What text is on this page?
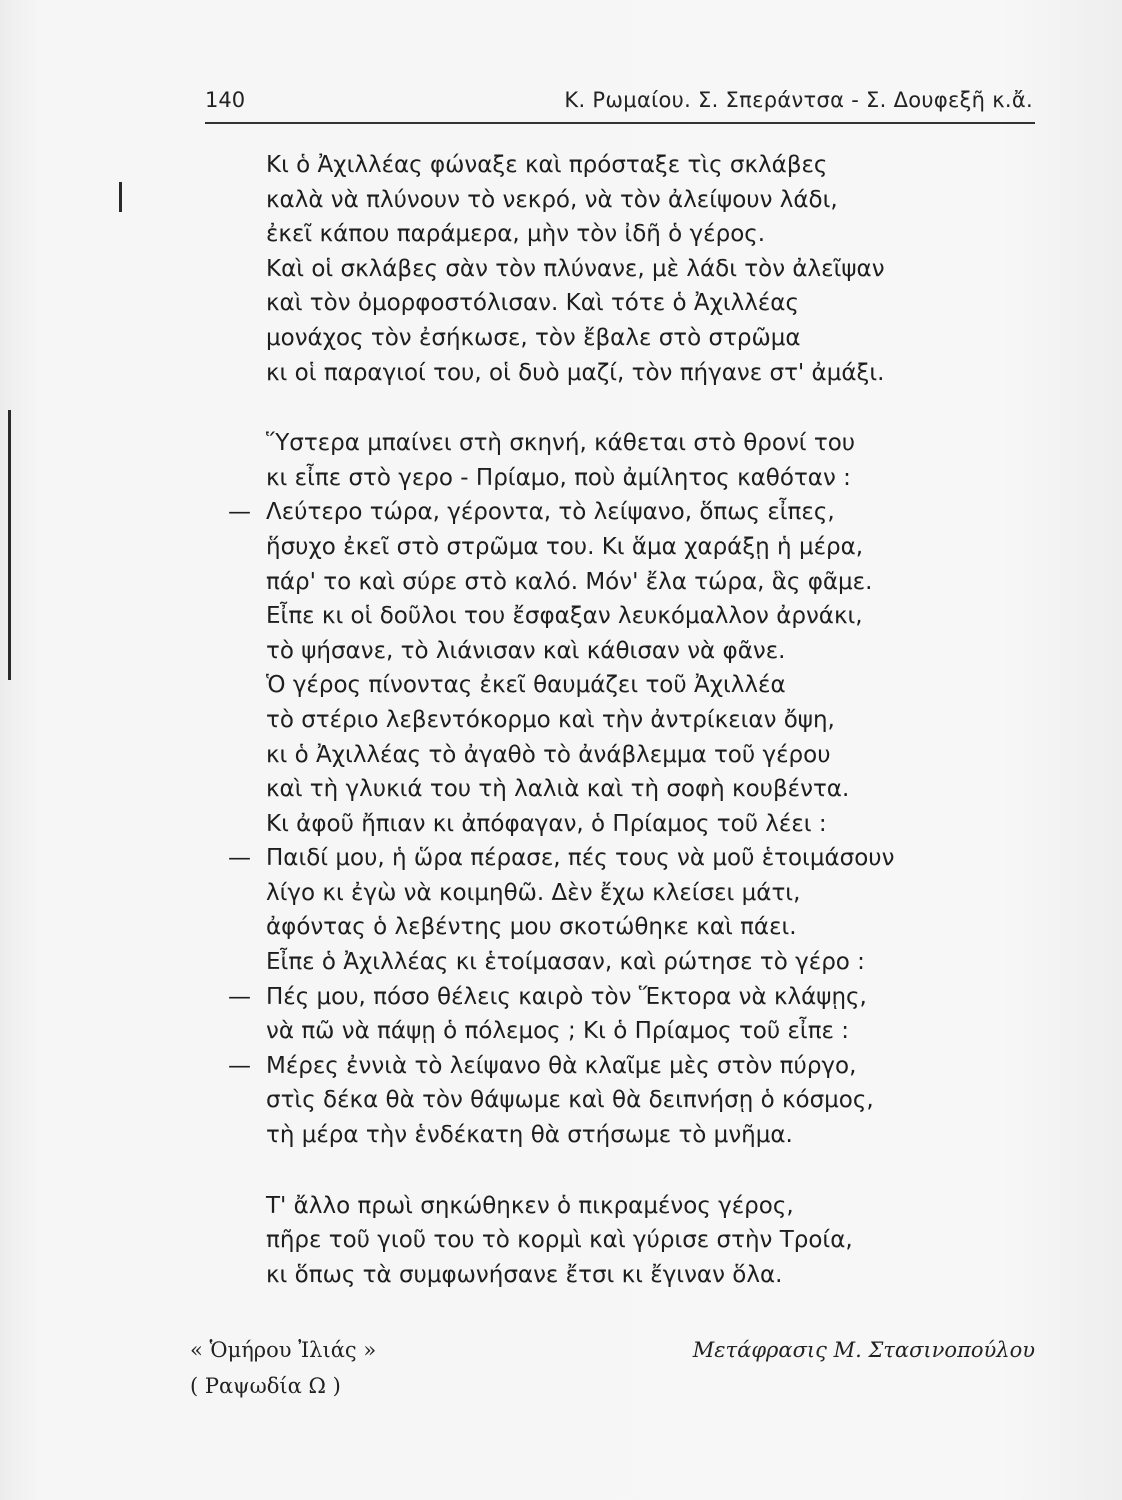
140	Κ. Ρωμαίου. Σ. Σπεράντσα - Σ. Δουφεξῆ κ.ἄ.
Κι ὁ Ἀχιλλέας φώναξε καὶ πρόσταξε τὶς σκλάβες
καλὰ νὰ πλύνουν τὸ νεκρό, νὰ τὸν ἀλείψουν λάδι,
ἐκεῖ κάπου παράμερα, μὴν τὸν ἰδῆ ὁ γέρος.
Καὶ οἱ σκλάβες σὰν τὸν πλύνανε, μὲ λάδι τὸν ἀλεῖψαν
καὶ τὸν ὀμορφοστόλισαν. Καὶ τότε ὁ Ἀχιλλέας
μονάχος τὸν ἐσήκωσε, τὸν ἔβαλε στὸ στρῶμα
κι οἱ παραγιοί του, οἱ δυὸ μαζί, τὸν πήγανε στ' ἀμάξι.
Ὕστερα μπαίνει στὴ σκηνή, κάθεται στὸ θρονί του
κι εἶπε στὸ γερο - Πρίαμο, ποὺ ἀμίλητος καθόταν :
— Λεύτερο τώρα, γέροντα, τὸ λείψανο, ὅπως εἶπες,
ἥσυχο ἐκεῖ στὸ στρῶμα του. Κι ἅμα χαράξῃ ἡ μέρα,
πάρ' το καὶ σύρε στὸ καλό. Μόν' ἔλα τώρα, ἃς φᾶμε.
Εἶπε κι οἱ δοῦλοι του ἔσφαξαν λευκόμαλλον ἀρνάκι,
τὸ ψήσανε, τὸ λιάνισαν καὶ κάθισαν νὰ φᾶνε.
Ὁ γέρος πίνοντας ἐκεῖ θαυμάζει τοῦ Ἀχιλλέα
τὸ στέριο λεβεντόκορμο καὶ τὴν ἀντρίκειαν ὄψη,
κι ὁ Ἀχιλλέας τὸ ἀγαθὸ τὸ ἀνάβλεμμα τοῦ γέρου
καὶ τὴ γλυκιά του τὴ λαλιὰ καὶ τὴ σοφὴ κουβέντα.
Κι ἀφοῦ ἤπιαν κι ἀπόφαγαν, ὁ Πρίαμος τοῦ λέει :
— Παιδί μου, ἡ ὥρα πέρασε, πές τους νὰ μοῦ ἑτοιμάσουν
λίγο κι ἐγὼ νὰ κοιμηθῶ. Δὲν ἔχω κλείσει μάτι,
ἀφόντας ὁ λεβέντης μου σκοτώθηκε καὶ πάει.
Εἶπε ὁ Ἀχιλλέας κι ἑτοίμασαν, καὶ ρώτησε τὸ γέρο :
— Πές μου, πόσο θέλεις καιρὸ τὸν Ἕκτορα νὰ κλάψῃς,
νὰ πῶ νὰ πάψῃ ὁ πόλεμος ; Κι ὁ Πρίαμος τοῦ εἶπε :
— Μέρες ἐννιὰ τὸ λείψανο θὰ κλαῖμε μὲς στὸν πύργο,
στὶς δέκα θὰ τὸν θάψωμε καὶ θὰ δειπνήσῃ ὁ κόσμος,
τὴ μέρα τὴν ἑνδέκατη θὰ στήσωμε τὸ μνῆμα.
Τ' ἄλλο πρωὶ σηκώθηκεν ὁ πικραμένος γέρος,
πῆρε τοῦ γιοῦ του τὸ κορμὶ καὶ γύρισε στὴν Τροία,
κι ὅπως τὰ συμφωνήσανε ἔτσι κι ἔγιναν ὅλα.
« Ὁμήρου Ἰλιάς »
( Ραψωδία Ω )
Μετάφρασις Μ. Στασινοπούλου
